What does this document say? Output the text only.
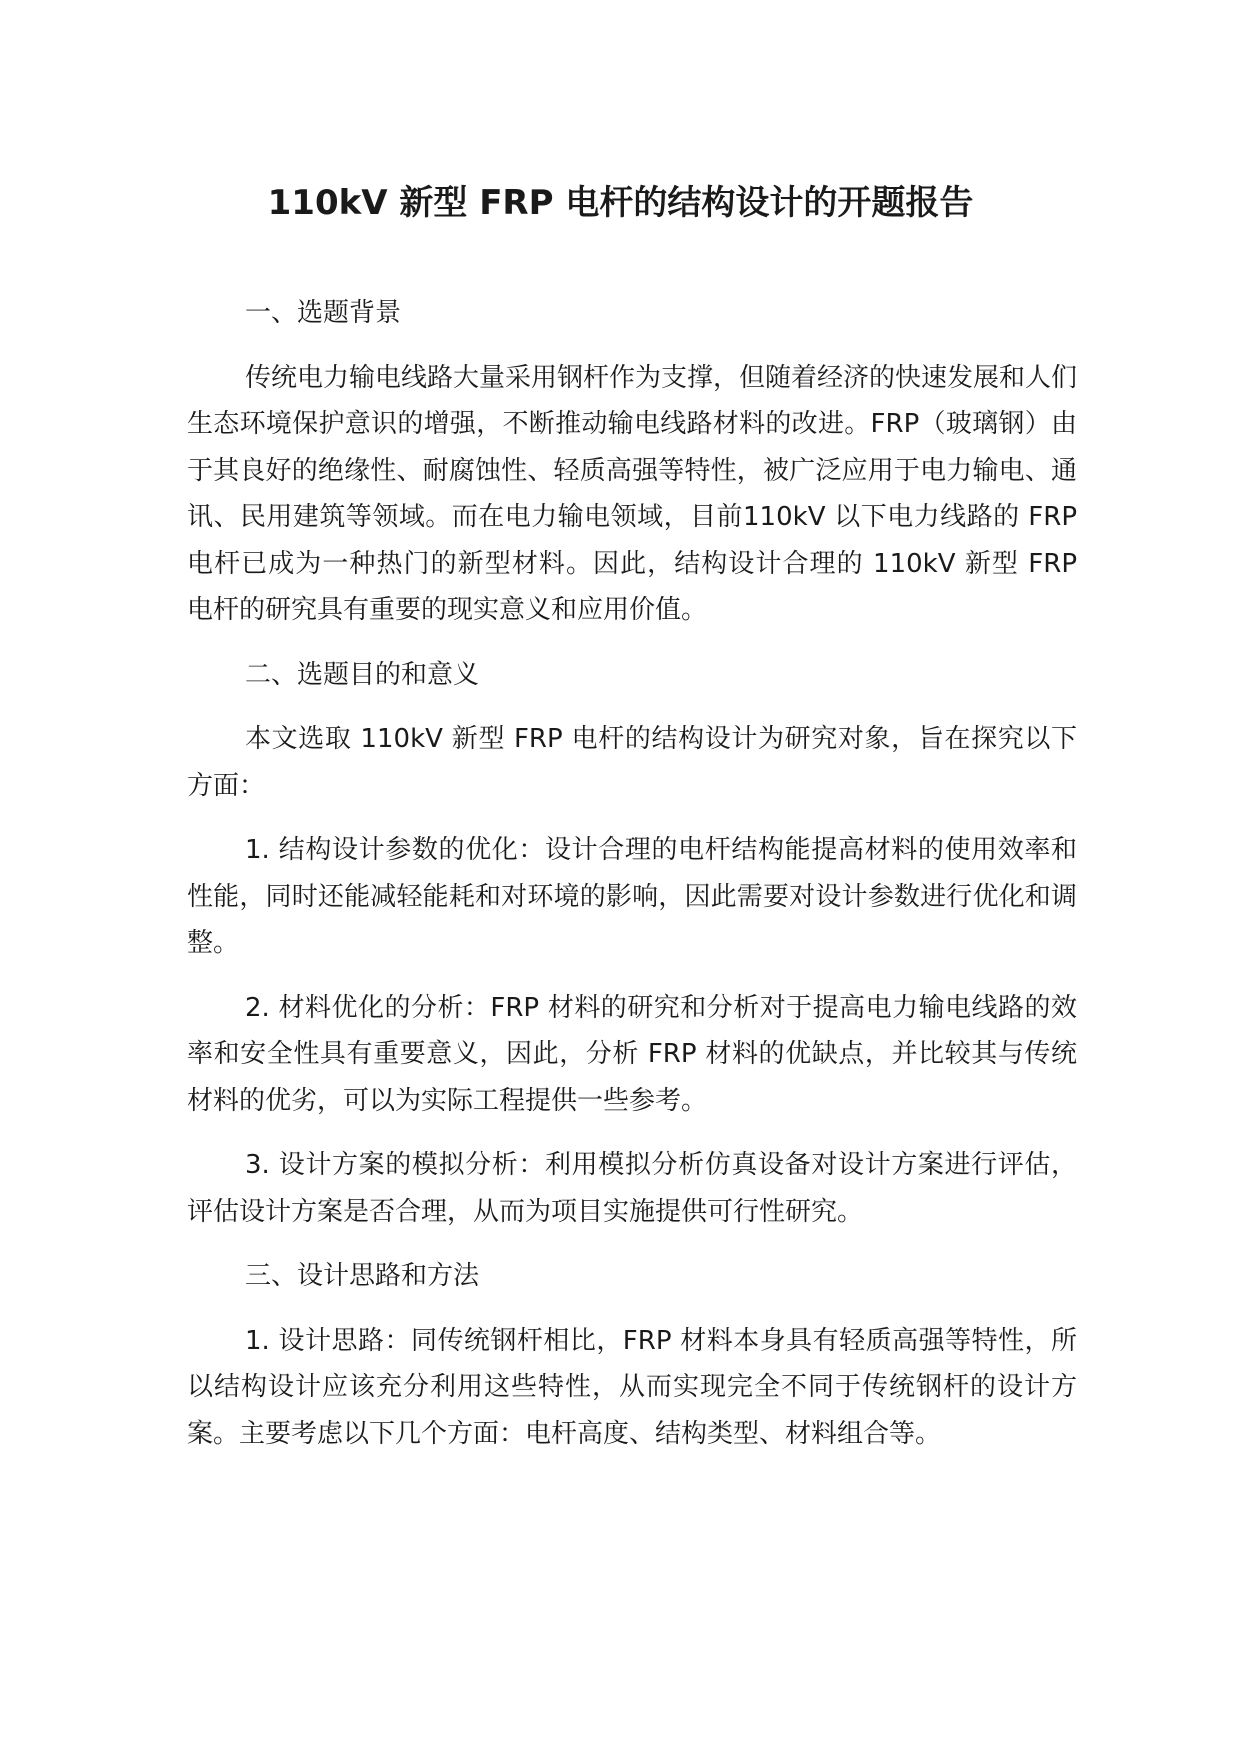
110kV 新型 FRP 电杆的结构设计的开题报告

一、选题背景

传统电力输电线路大量采用钢杆作为支撑，但随着经济的快速发展和人们生态环境保护意识的增强，不断推动输电线路材料的改进。FRP（玻璃钢）由于其良好的绝缘性、耐腐蚀性、轻质高强等特性，被广泛应用于电力输电、通讯、民用建筑等领域。而在电力输电领域，目前110kV 以下电力线路的 FRP 电杆已成为一种热门的新型材料。因此，结构设计合理的 110kV 新型 FRP 电杆的研究具有重要的现实意义和应用价值。

二、选题目的和意义

本文选取 110kV 新型 FRP 电杆的结构设计为研究对象，旨在探究以下方面：

1. 结构设计参数的优化：设计合理的电杆结构能提高材料的使用效率和性能，同时还能减轻能耗和对环境的影响，因此需要对设计参数进行优化和调整。

2. 材料优化的分析：FRP 材料的研究和分析对于提高电力输电线路的效率和安全性具有重要意义，因此，分析 FRP 材料的优缺点，并比较其与传统材料的优劣，可以为实际工程提供一些参考。

3. 设计方案的模拟分析：利用模拟分析仿真设备对设计方案进行评估，评估设计方案是否合理，从而为项目实施提供可行性研究。

三、设计思路和方法

1. 设计思路：同传统钢杆相比，FRP 材料本身具有轻质高强等特性，所以结构设计应该充分利用这些特性，从而实现完全不同于传统钢杆的设计方案。主要考虑以下几个方面：电杆高度、结构类型、材料组合等。
